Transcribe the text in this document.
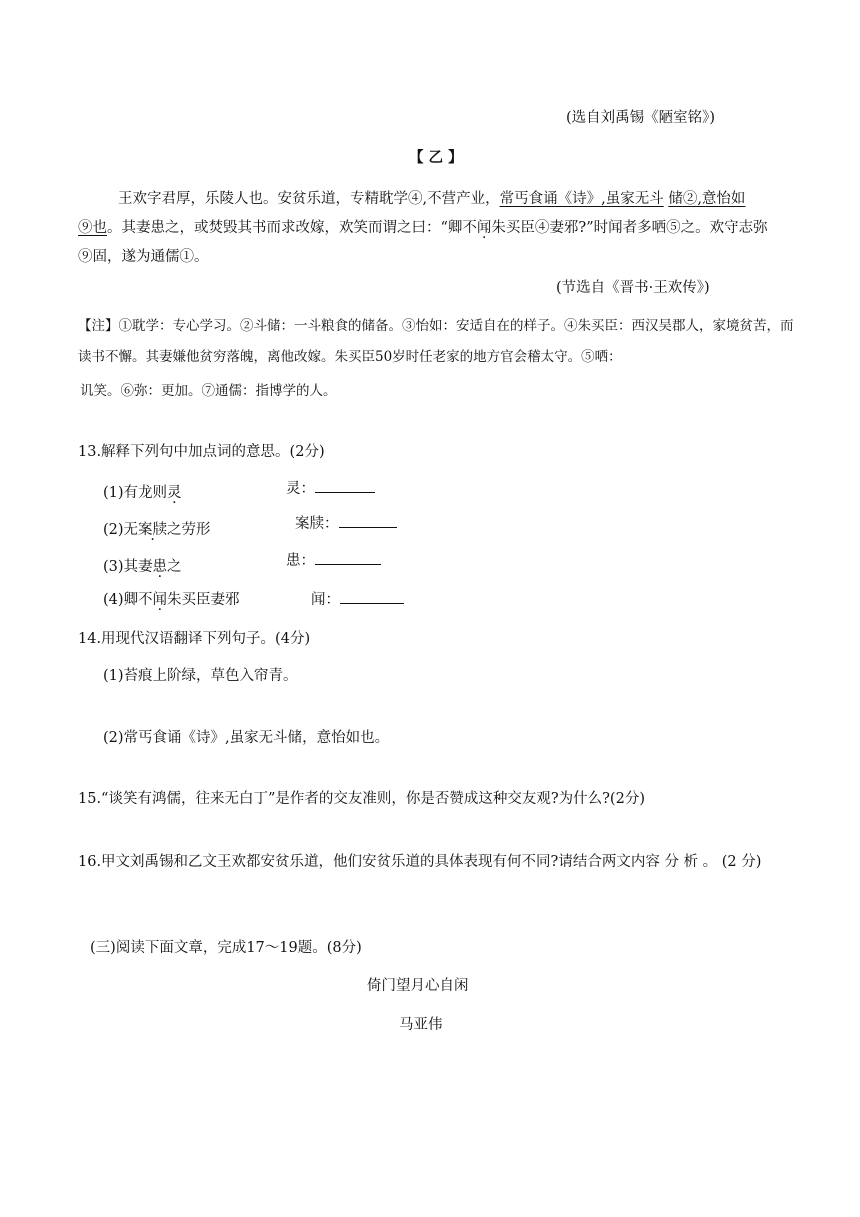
(选自刘禹锡《陋室铭》)
【 乙 】
王欢字君厚，乐陵人也。安贫乐道，专精耽学④,不营产业，常丐食诵《诗》,虽家无斗 储②,意怡如
⑨也。其妻患之，或焚毁其书而求改嫁，欢笑而谓之曰：“卿不闻朱买臣④妻邪?”时闻者多哂⑤之。欢守志弥
⑨固，遂为通儒①。
(节选自《晋书·王欢传》)
【注】①耽学：专心学习。②斗储：一斗粮食的储备。③怡如：安适自在的样子。④朱买臣：西汉吴郡人，家境贫苦，而
读书不懈。其妻嫌他贫穷落魄，离他改嫁。朱买臣50岁时任老家的地方官会稽太守。⑤哂：
讥笑。⑥弥：更加。⑦通儒：指博学的人。
13.解释下列句中加点词的意思。(2分)
(1)有龙则灵	灵：
(2)无案牍之劳形	案牍：
(3)其妻患之	患：
(4)卿不闻朱买臣妻邪	闻：
14.用现代汉语翻译下列句子。(4分)
(1)苔痕上阶绿，草色入帘青。
(2)常丐食诵《诗》,虽家无斗储，意怡如也。
15.“谈笑有鸿儒，往来无白丁”是作者的交友准则，你是否赞成这种交友观?为什么?(2分)
16.甲文刘禹锡和乙文王欢都安贫乐道，他们安贫乐道的具体表现有何不同?请结合两文内容 分 析 。 (2 分)
(三)阅读下面文章，完成17～19题。(8分)
倚门望月心自闲
马亚伟
